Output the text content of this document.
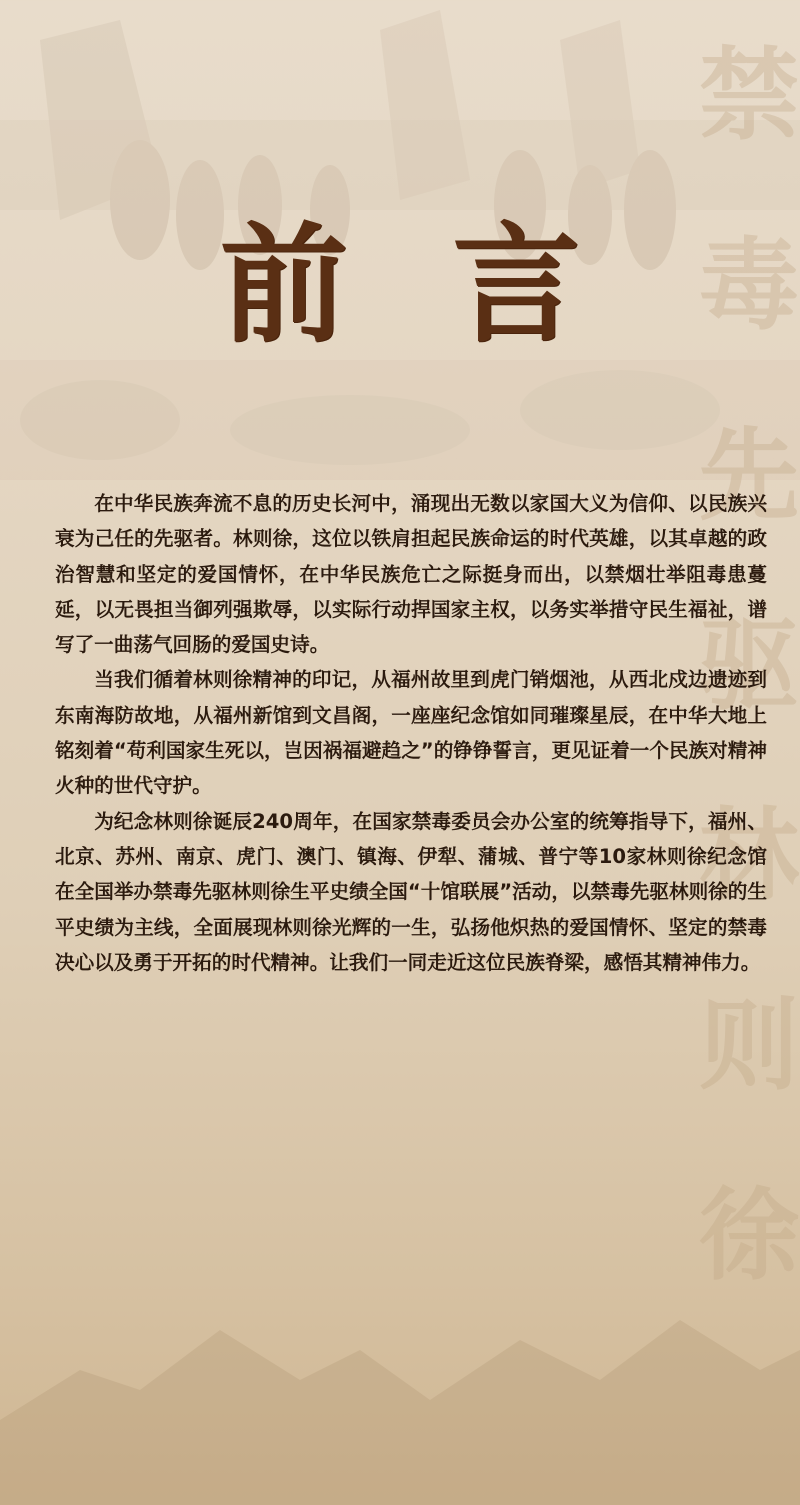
禁
毒
先
驱
林
则
徐
前 言

在中华民族奔流不息的历史长河中，涌现出无数以家国大义为信仰、以民族兴衰为己任的先驱者。林则徐，这位以铁肩担起民族命运的时代英雄，以其卓越的政治智慧和坚定的爱国情怀，在中华民族危亡之际挺身而出，以禁烟壮举阻毒患蔓延，以无畏担当御列强欺辱，以实际行动捍国家主权，以务实举措守民生福祉，谱写了一曲荡气回肠的爱国史诗。

当我们循着林则徐精神的印记，从福州故里到虎门销烟池，从西北戍边遗迹到东南海防故地，从福州新馆到文昌阁，一座座纪念馆如同璀璨星辰，在中华大地上铭刻着“苟利国家生死以，岂因祸福避趋之”的铮铮誓言，更见证着一个民族对精神火种的世代守护。

为纪念林则徐诞辰240周年，在国家禁毒委员会办公室的统筹指导下，福州、北京、苏州、南京、虎门、澳门、镇海、伊犁、蒲城、普宁等10家林则徐纪念馆在全国举办禁毒先驱林则徐生平史绩全国“十馆联展”活动，以禁毒先驱林则徐的生平史绩为主线，全面展现林则徐光辉的一生，弘扬他炽热的爱国情怀、坚定的禁毒决心以及勇于开拓的时代精神。让我们一同走近这位民族脊梁，感悟其精神伟力。
